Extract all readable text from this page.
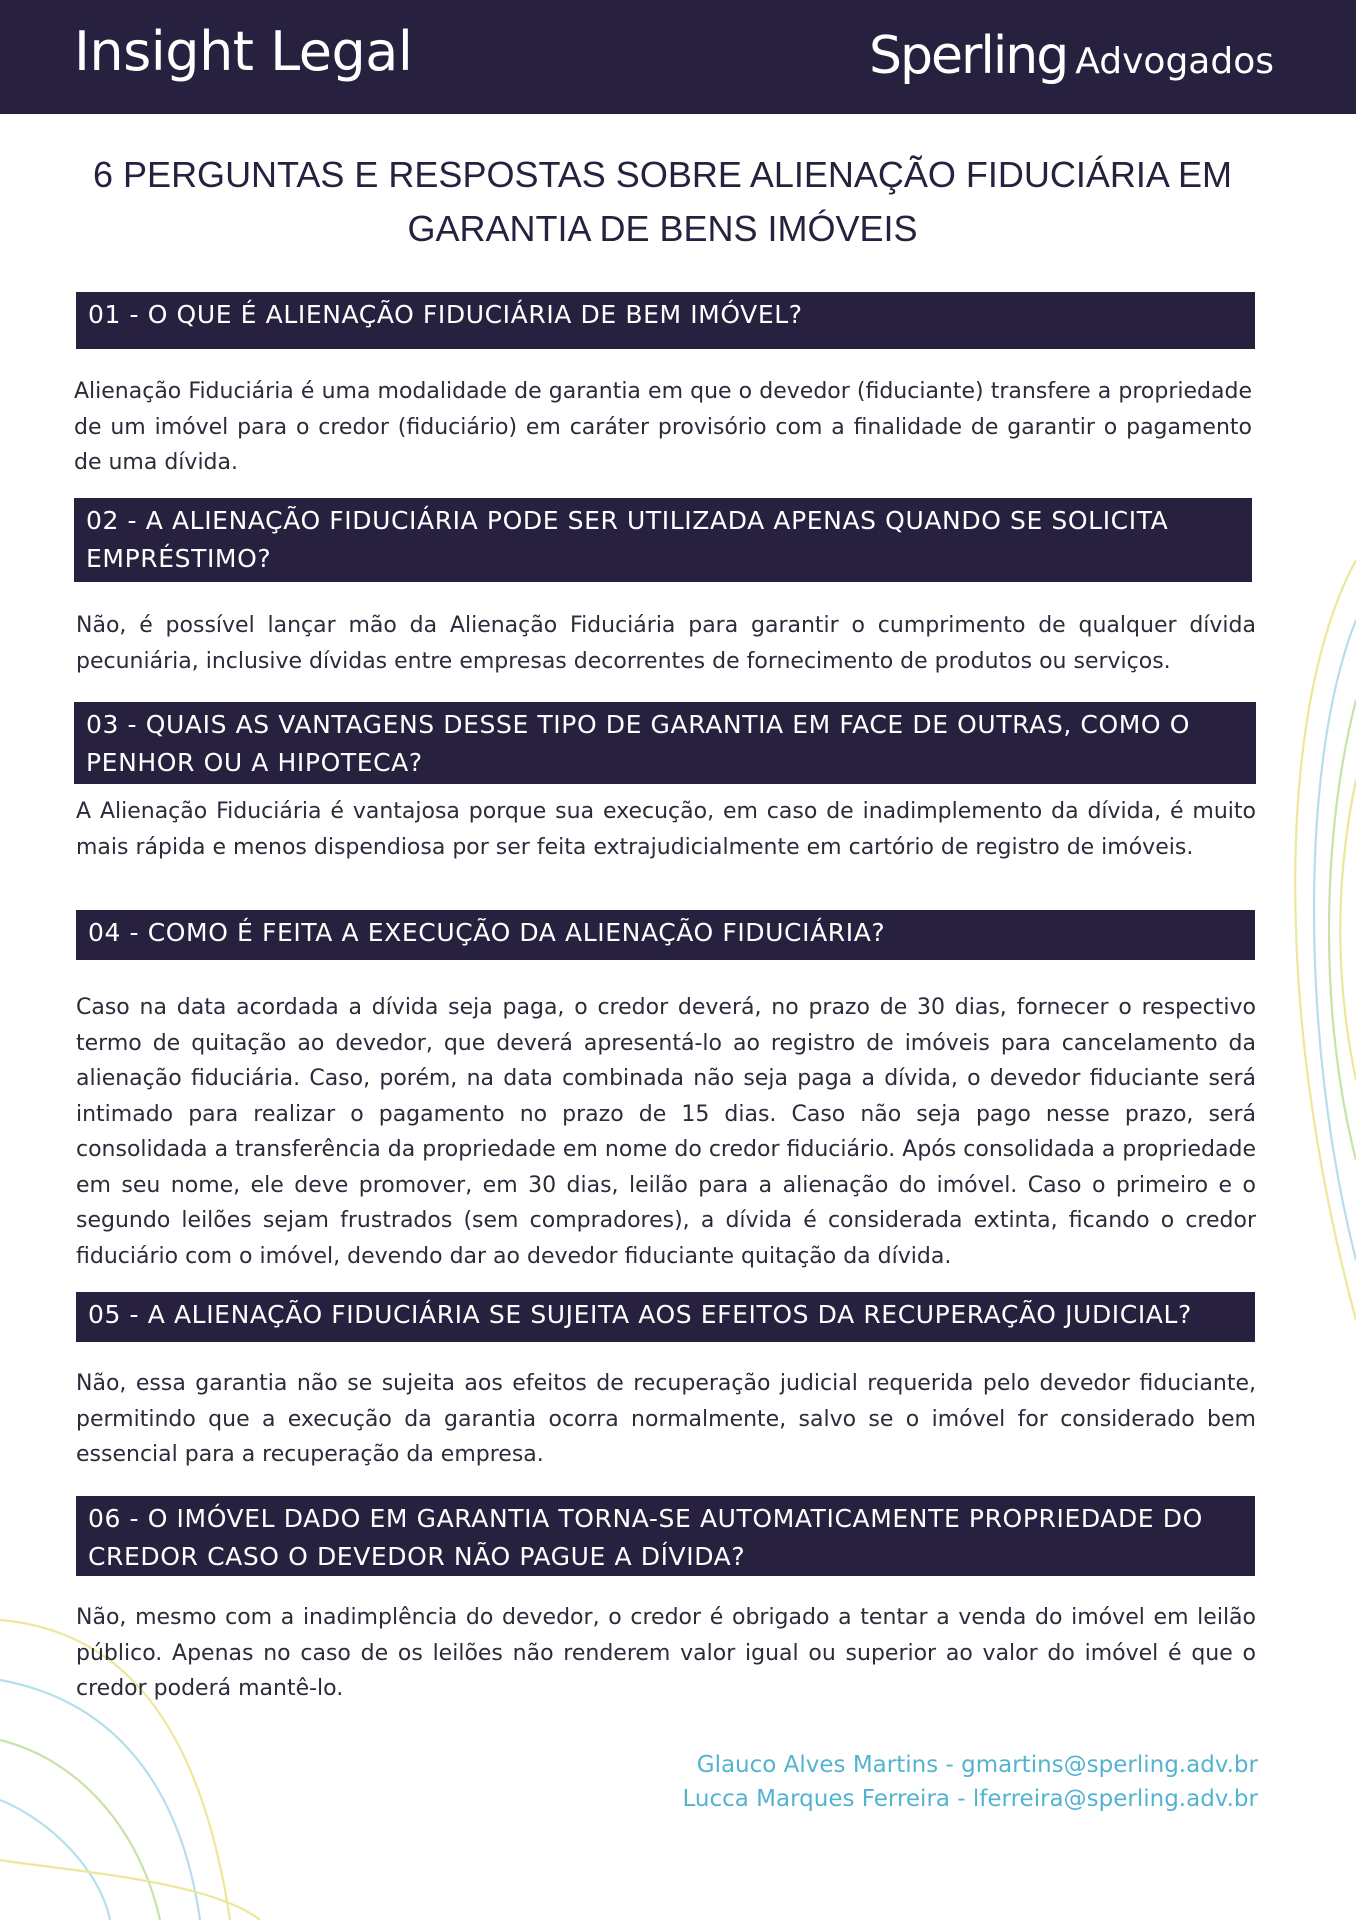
Insight Legal	Sperling Advogados
6 PERGUNTAS E RESPOSTAS SOBRE ALIENAÇÃO FIDUCIÁRIA EM GARANTIA DE BENS IMÓVEIS
01 - O QUE É ALIENAÇÃO FIDUCIÁRIA DE BEM IMÓVEL?
Alienação Fiduciária é uma modalidade de garantia em que o devedor (fiduciante) transfere a propriedade de um imóvel para o credor (fiduciário) em caráter provisório com a finalidade de garantir o pagamento de uma dívida.
02 - A ALIENAÇÃO FIDUCIÁRIA PODE SER UTILIZADA APENAS QUANDO SE SOLICITA EMPRÉSTIMO?
Não, é possível lançar mão da Alienação Fiduciária para garantir o cumprimento de qualquer dívida pecuniária, inclusive dívidas entre empresas decorrentes de fornecimento de produtos ou serviços.
03 - QUAIS AS VANTAGENS DESSE TIPO DE GARANTIA EM FACE DE OUTRAS, COMO O PENHOR OU A HIPOTECA?
A Alienação Fiduciária é vantajosa porque sua execução, em caso de inadimplemento da dívida, é muito mais rápida e menos dispendiosa por ser feita extrajudicialmente em cartório de registro de imóveis.
04 - COMO É FEITA A EXECUÇÃO DA ALIENAÇÃO FIDUCIÁRIA?
Caso na data acordada a dívida seja paga, o credor deverá, no prazo de 30 dias, fornecer o respectivo termo de quitação ao devedor, que deverá apresentá-lo ao registro de imóveis para cancelamento da alienação fiduciária. Caso, porém, na data combinada não seja paga a dívida, o devedor fiduciante será intimado para realizar o pagamento no prazo de 15 dias. Caso não seja pago nesse prazo, será consolidada a transferência da propriedade em nome do credor fiduciário. Após consolidada a propriedade em seu nome, ele deve promover, em 30 dias, leilão para a alienação do imóvel. Caso o primeiro e o segundo leilões sejam frustrados (sem compradores), a dívida é considerada extinta, ficando o credor fiduciário com o imóvel, devendo dar ao devedor fiduciante quitação da dívida.
05 - A ALIENAÇÃO FIDUCIÁRIA SE SUJEITA AOS EFEITOS DA RECUPERAÇÃO JUDICIAL?
Não, essa garantia não se sujeita aos efeitos de recuperação judicial requerida pelo devedor fiduciante, permitindo que a execução da garantia ocorra normalmente, salvo se o imóvel for considerado bem essencial para a recuperação da empresa.
06 - O IMÓVEL DADO EM GARANTIA TORNA-SE AUTOMATICAMENTE PROPRIEDADE DO CREDOR CASO O DEVEDOR NÃO PAGUE A DÍVIDA?
Não, mesmo com a inadimplência do devedor, o credor é obrigado a tentar a venda do imóvel em leilão público. Apenas no caso de os leilões não renderem valor igual ou superior ao valor do imóvel é que o credor poderá mantê-lo.
Glauco Alves Martins - gmartins@sperling.adv.br
Lucca Marques Ferreira - lferreira@sperling.adv.br
